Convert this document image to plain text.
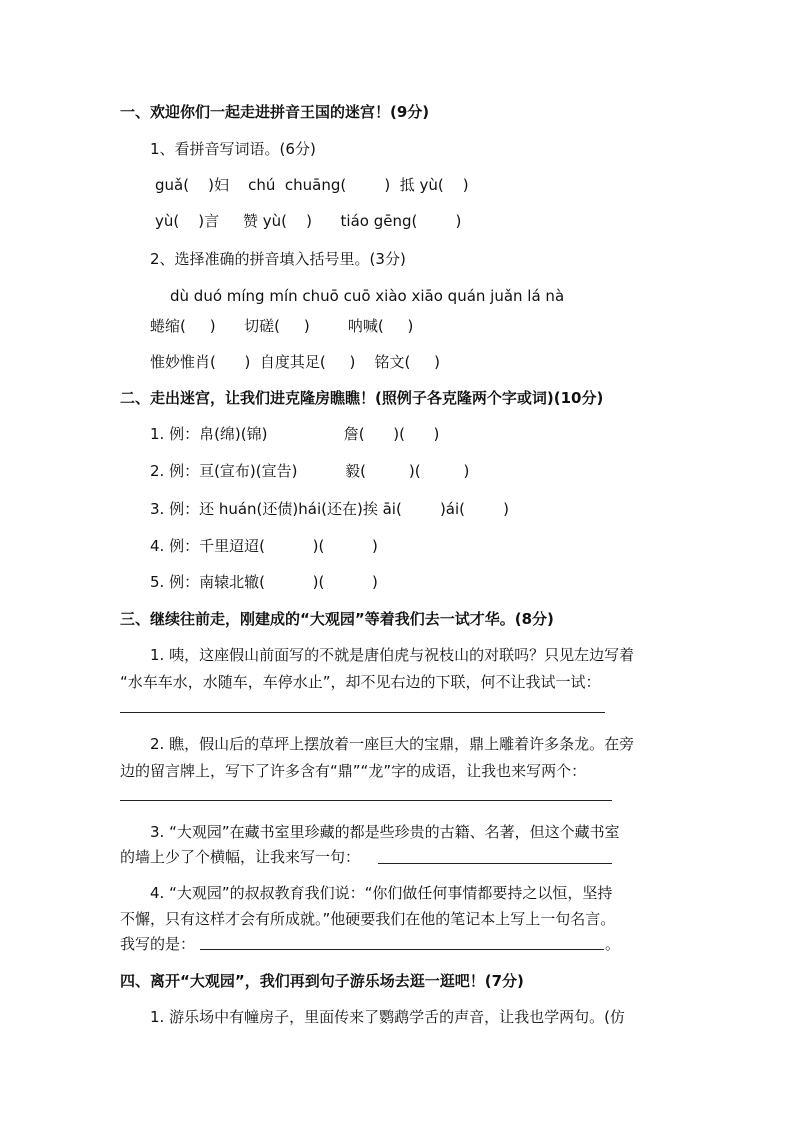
一、欢迎你们一起走进拼音王国的迷宫！(9分)
1、看拼音写词语。(6分)
guǎ(    )妇    chú  chuāng(        )  抵 yù(    )
yù(    )言     赞 yù(    )      tiáo gēng(        )
2、选择准确的拼音填入括号里。(3分)
dù duó míng mín chuō cuō xiào xiāo quán juǎn lá nà
蜷缩(     )      切磋(     )        呐喊(     )
惟妙惟肖(      )  自度其足(     )    铭文(     )
二、走出迷宫，让我们进克隆房瞧瞧！(照例子各克隆两个字或词)(10分)
1. 例：帛(绵)(锦)                詹(      )(      )
2. 例：亘(宣布)(宣告)          毅(         )(         )
3. 例：还 huán(还债)hái(还在)挨 āi(        )ái(        )
4. 例：千里迢迢(          )(          )
5. 例：南辕北辙(          )(          )
三、继续往前走，刚建成的“大观园”等着我们去一试才华。(8分)
1. 咦，这座假山前面写的不就是唐伯虎与祝枝山的对联吗？只见左边写着
“水车车水，水随车，车停水止”，却不见右边的下联，何不让我试一试：
2. 瞧，假山后的草坪上摆放着一座巨大的宝鼎，鼎上雕着许多条龙。在旁
边的留言牌上，写下了许多含有“鼎”“龙”字的成语，让我也来写两个：
3. “大观园”在藏书室里珍藏的都是些珍贵的古籍、名著，但这个藏书室
的墙上少了个横幅，让我来写一句：
4. “大观园”的叔叔教育我们说：“你们做任何事情都要持之以恒，坚持
不懈，只有这样才会有所成就。”他硬要我们在他的笔记本上写上一句名言。
我写的是：	。
四、离开“大观园”，我们再到句子游乐场去逛一逛吧！(7分)
1. 游乐场中有幢房子，里面传来了鹦鹉学舌的声音，让我也学两句。(仿
